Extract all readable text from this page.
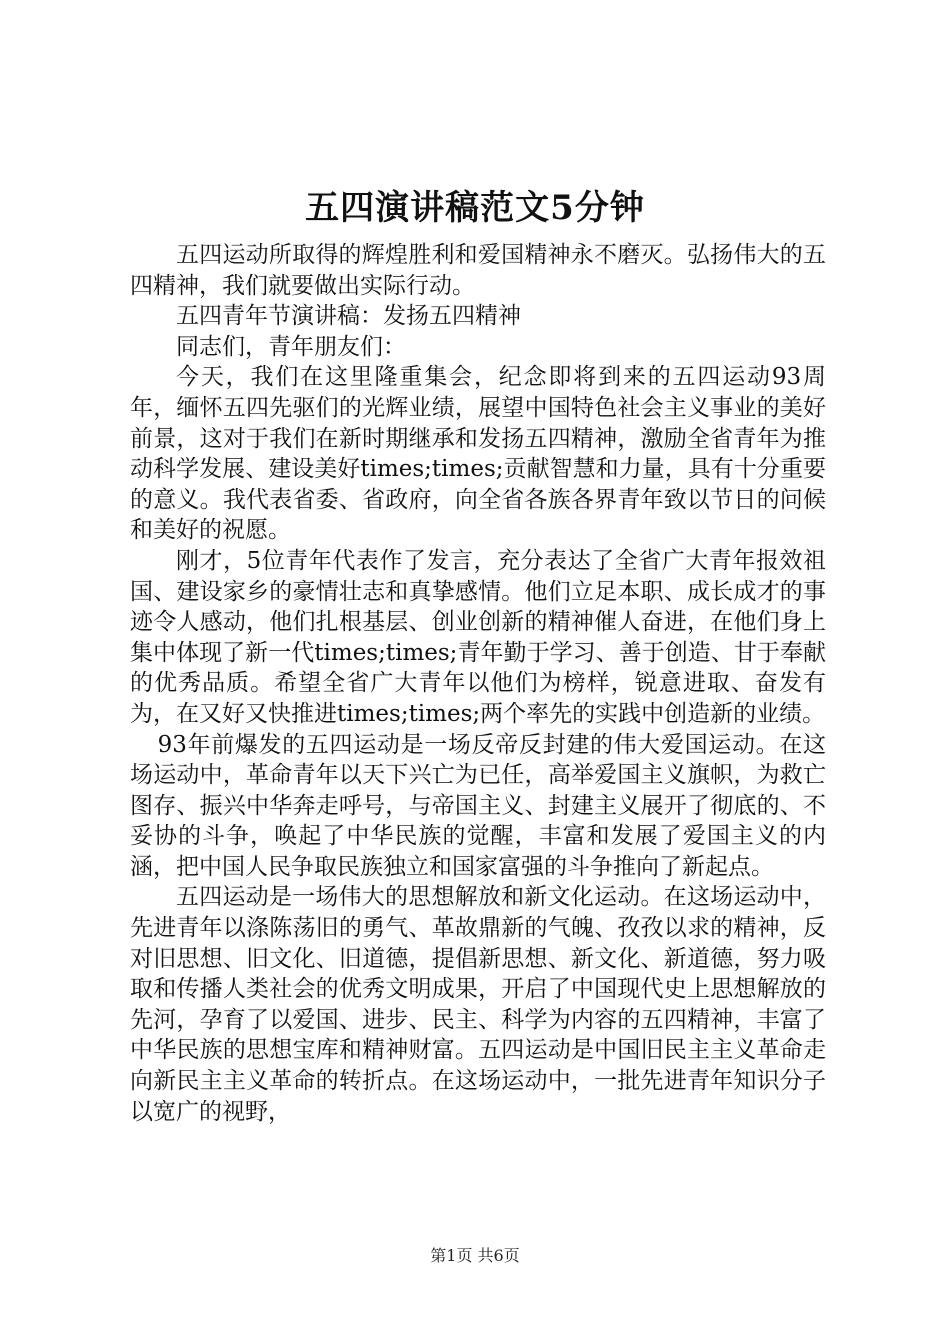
五四演讲稿范文5分钟

五四运动所取得的辉煌胜利和爱国精神永不磨灭。弘扬伟大的五四精神，我们就要做出实际行动。

五四青年节演讲稿：发扬五四精神

同志们，青年朋友们：

今天，我们在这里隆重集会，纪念即将到来的五四运动93周年，缅怀五四先驱们的光辉业绩，展望中国特色社会主义事业的美好前景，这对于我们在新时期继承和发扬五四精神，激励全省青年为推动科学发展、建设美好times;times;贡献智慧和力量，具有十分重要的意义。我代表省委、省政府，向全省各族各界青年致以节日的问候和美好的祝愿。

刚才，5位青年代表作了发言，充分表达了全省广大青年报效祖国、建设家乡的豪情壮志和真挚感情。他们立足本职、成长成才的事迹令人感动，他们扎根基层、创业创新的精神催人奋进，在他们身上集中体现了新一代times;times;青年勤于学习、善于创造、甘于奉献的优秀品质。希望全省广大青年以他们为榜样，锐意进取、奋发有为，在又好又快推进times;times;两个率先的实践中创造新的业绩。

93年前爆发的五四运动是一场反帝反封建的伟大爱国运动。在这场运动中，革命青年以天下兴亡为已任，高举爱国主义旗帜，为救亡图存、振兴中华奔走呼号，与帝国主义、封建主义展开了彻底的、不妥协的斗争，唤起了中华民族的觉醒，丰富和发展了爱国主义的内涵，把中国人民争取民族独立和国家富强的斗争推向了新起点。

五四运动是一场伟大的思想解放和新文化运动。在这场运动中，先进青年以涤陈荡旧的勇气、革故鼎新的气魄、孜孜以求的精神，反对旧思想、旧文化、旧道德，提倡新思想、新文化、新道德，努力吸取和传播人类社会的优秀文明成果，开启了中国现代史上思想解放的先河，孕育了以爱国、进步、民主、科学为内容的五四精神，丰富了中华民族的思想宝库和精神财富。五四运动是中国旧民主主义革命走向新民主主义革命的转折点。在这场运动中，一批先进青年知识分子以宽广的视野，

第1页 共6页
